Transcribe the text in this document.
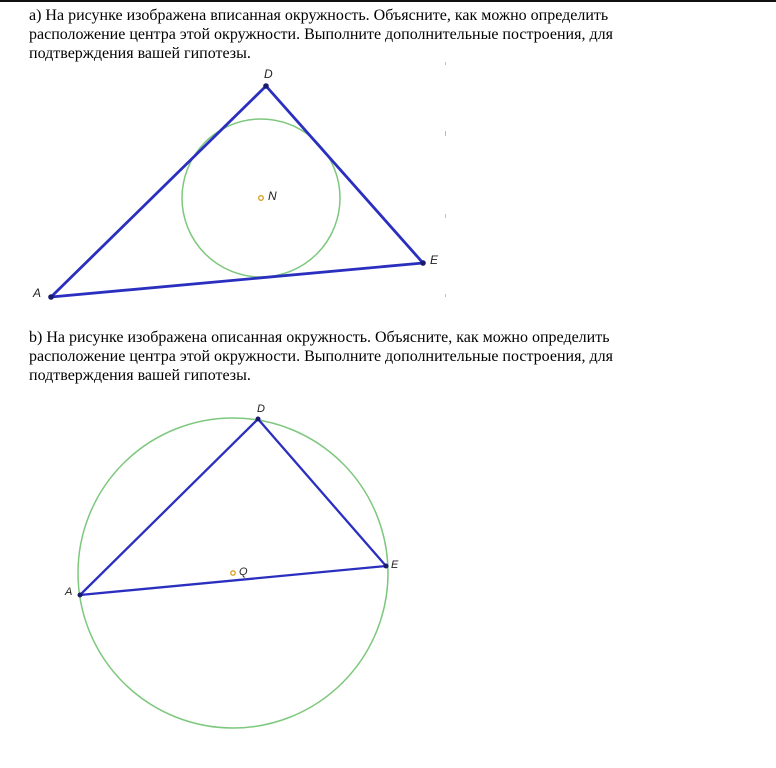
а) На рисунке изображена вписанная окружность. Объясните, как можно определить
расположение центра этой окружности. Выполните дополнительные построения, для
подтверждения вашей гипотезы.

b) На рисунке изображена описанная окружность. Объясните, как можно определить
расположение центра этой окружности. Выполните дополнительные построения, для
подтверждения вашей гипотезы.

D
E
A
N
D
E
A
Q
